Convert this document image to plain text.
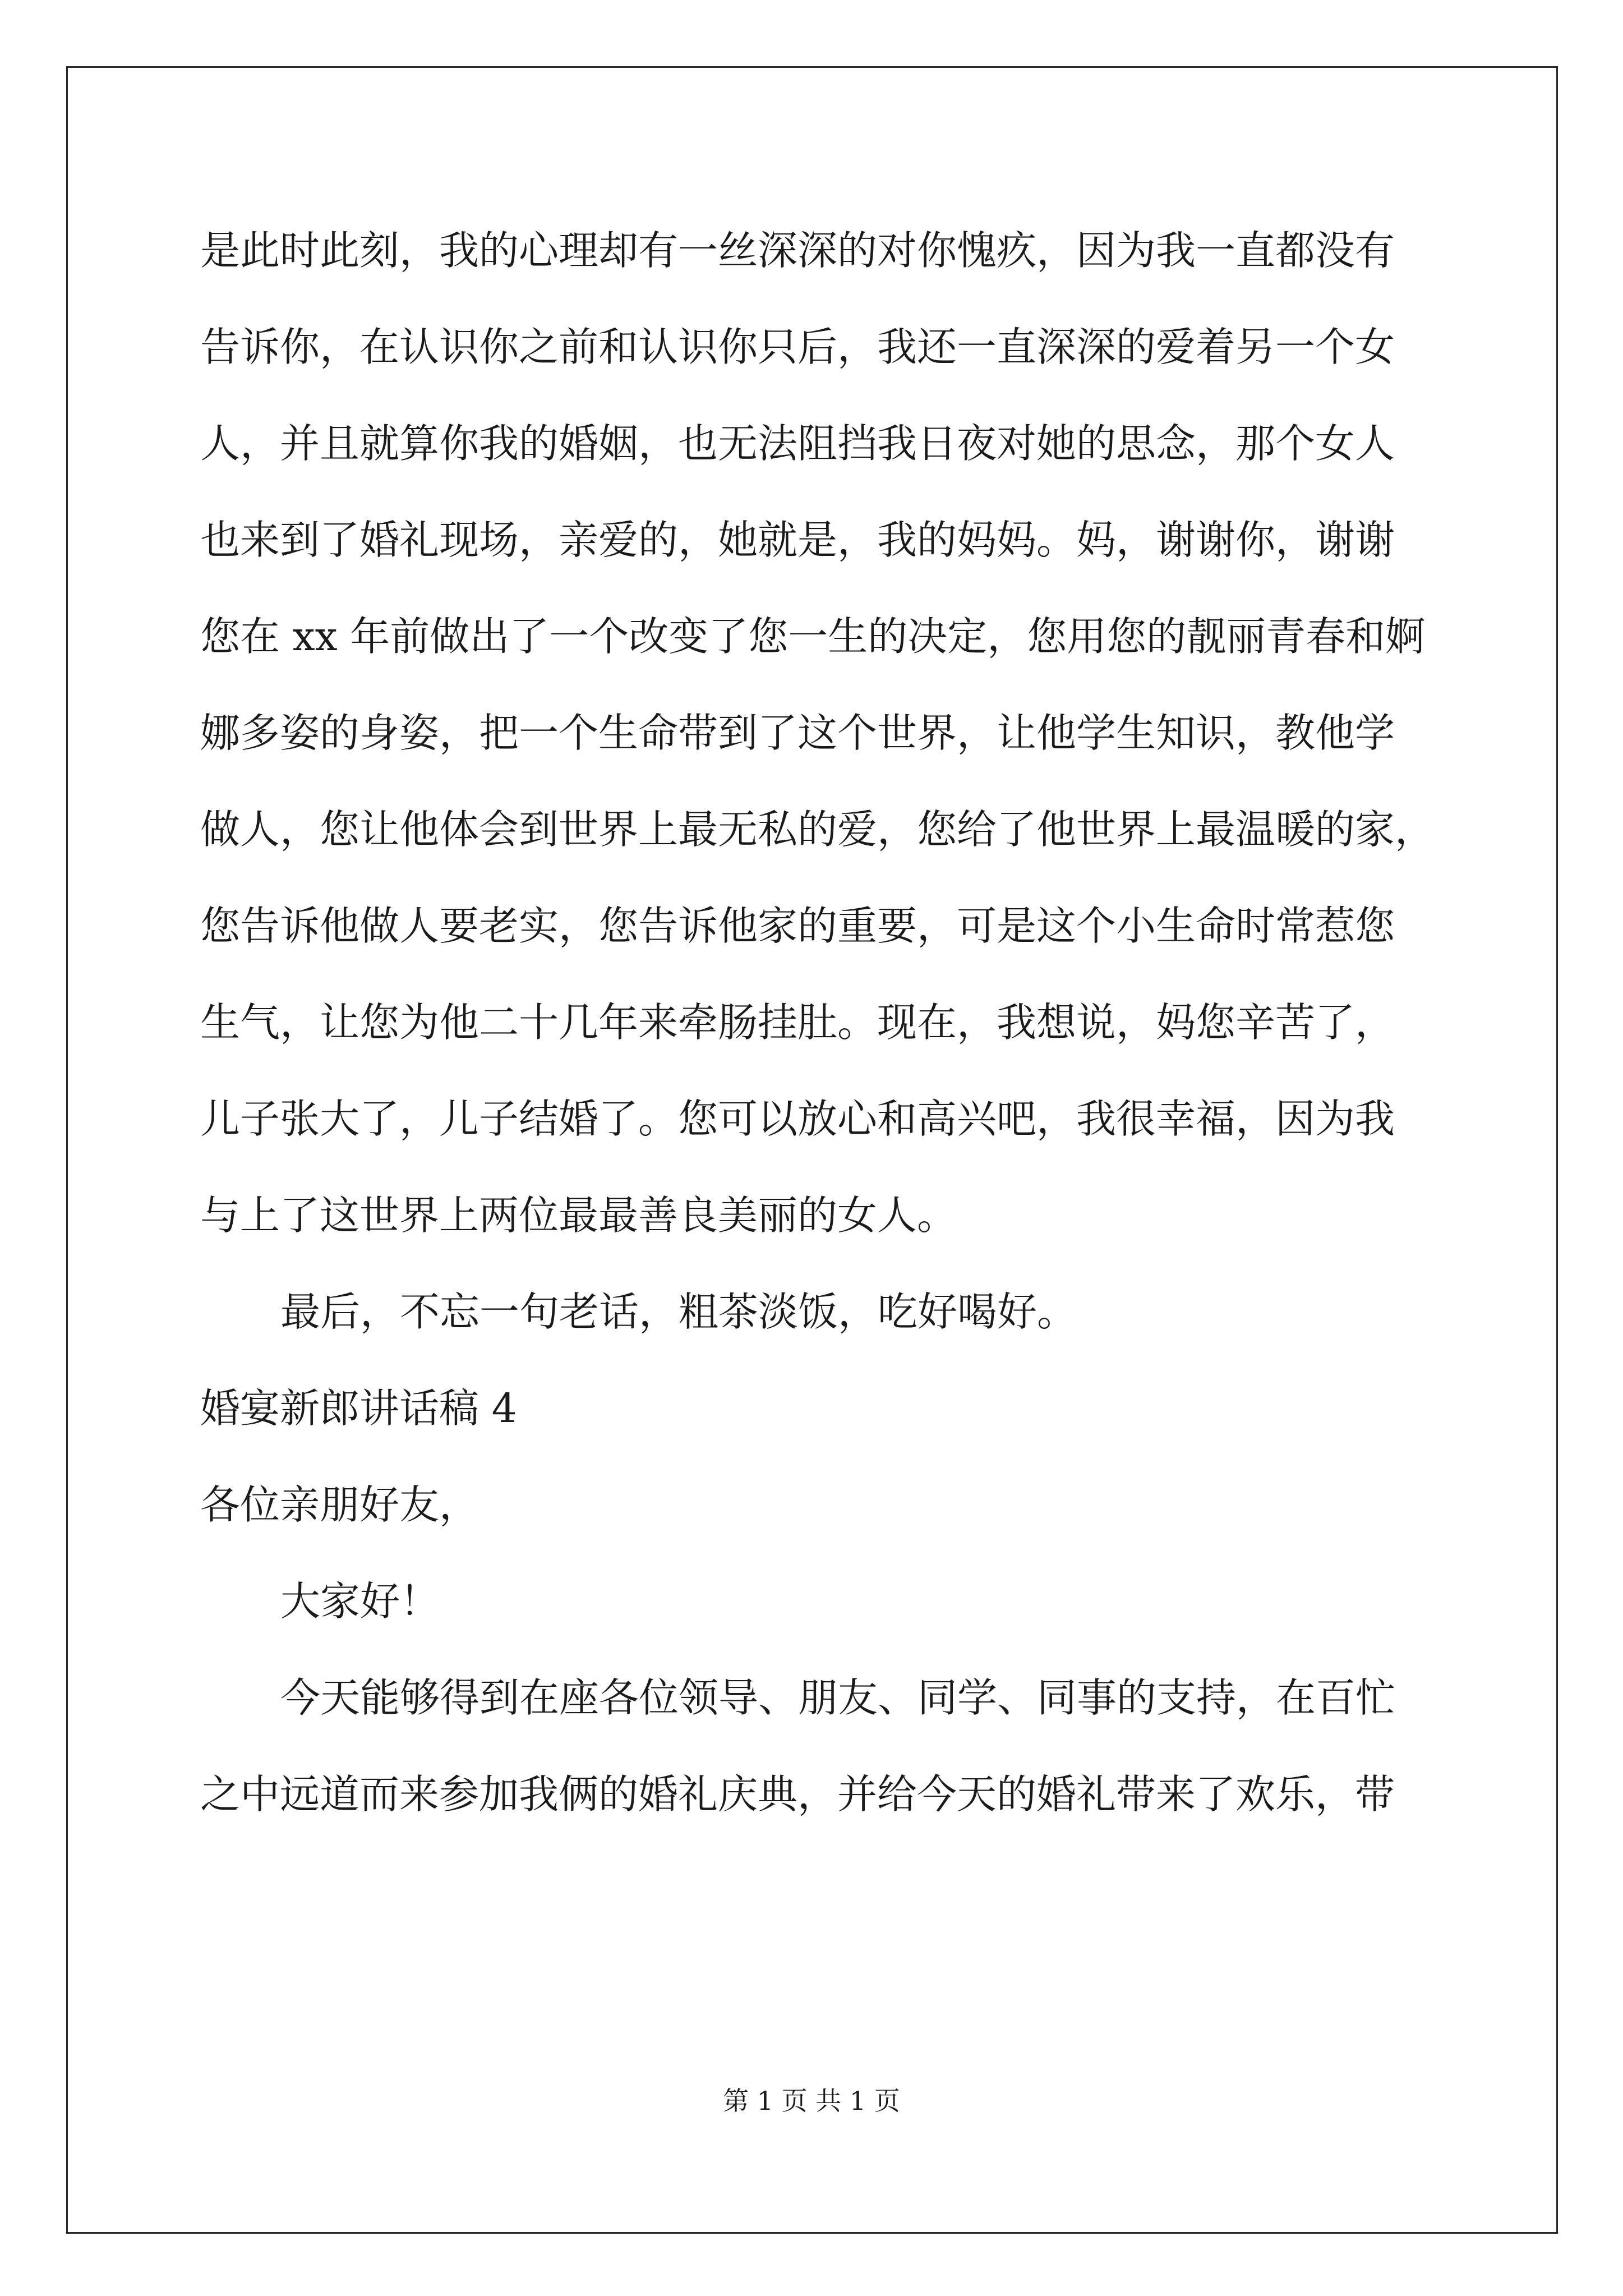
是此时此刻，我的心理却有一丝深深的对你愧疚，因为我一直都没有
告诉你，在认识你之前和认识你只后，我还一直深深的爱着另一个女
人，并且就算你我的婚姻，也无法阻挡我日夜对她的思念，那个女人
也来到了婚礼现场，亲爱的，她就是，我的妈妈。妈，谢谢你，谢谢
您在 xx 年前做出了一个改变了您一生的决定，您用您的靓丽青春和婀
娜多姿的身姿，把一个生命带到了这个世界，让他学生知识，教他学
做人，您让他体会到世界上最无私的爱，您给了他世界上最温暖的家，
您告诉他做人要老实，您告诉他家的重要，可是这个小生命时常惹您
生气，让您为他二十几年来牵肠挂肚。现在，我想说，妈您辛苦了，
儿子张大了，儿子结婚了。您可以放心和高兴吧，我很幸福，因为我
与上了这世界上两位最最善良美丽的女人。
最后，不忘一句老话，粗茶淡饭，吃好喝好。
婚宴新郎讲话稿 4
各位亲朋好友，
大家好！
今天能够得到在座各位领导、朋友、同学、同事的支持，在百忙
之中远道而来参加我俩的婚礼庆典，并给今天的婚礼带来了欢乐，带
第 1 页 共 1 页
